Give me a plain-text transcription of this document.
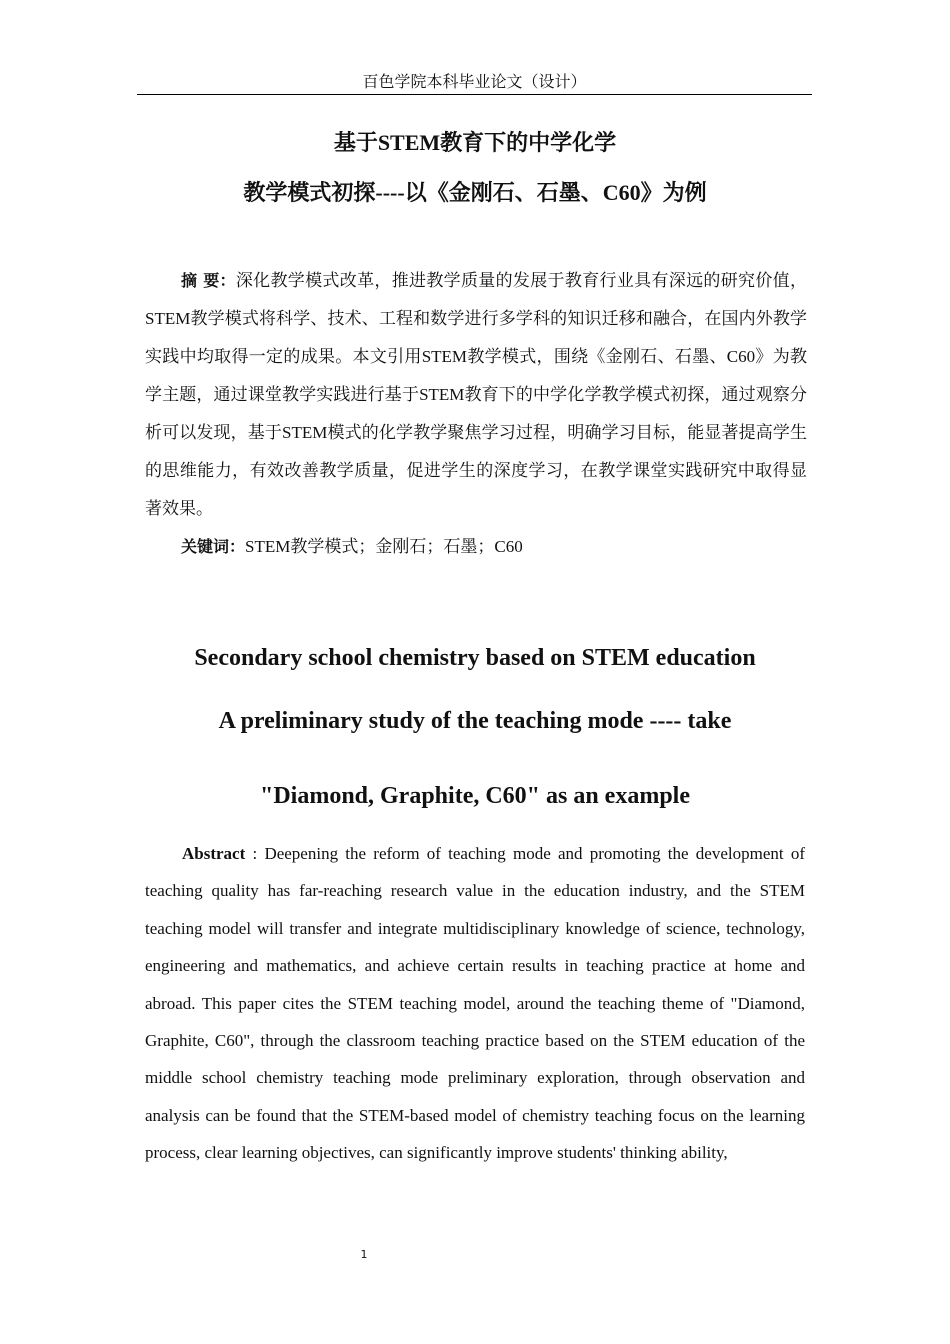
百色学院本科毕业论文（设计）
基于STEM教育下的中学化学
教学模式初探----以《金刚石、石墨、C60》为例

摘 要：深化教学模式改革，推进教学质量的发展于教育行业具有深远的研究价值，STEM教学模式将科学、技术、工程和数学进行多学科的知识迁移和融合，在国内外教学实践中均取得一定的成果。本文引用STEM教学模式，围绕《金刚石、石墨、C60》为教学主题，通过课堂教学实践进行基于STEM教育下的中学化学教学模式初探，通过观察分析可以发现，基于STEM模式的化学教学聚焦学习过程，明确学习目标，能显著提高学生的思维能力，有效改善教学质量，促进学生的深度学习，在教学课堂实践研究中取得显著效果。

关键词：STEM教学模式；金刚石；石墨；C60

Secondary school chemistry based on STEM education
A preliminary study of the teaching mode ---- take
"Diamond, Graphite, C60" as an example

Abstract : Deepening the reform of teaching mode and promoting the development of teaching quality has far-reaching research value in the education industry, and the STEM teaching model will transfer and integrate multidisciplinary knowledge of science, technology, engineering and mathematics, and achieve certain results in teaching practice at home and abroad. This paper cites the STEM teaching model, around the teaching theme of "Diamond, Graphite, C60", through the classroom teaching practice based on the STEM education of the middle school chemistry teaching mode preliminary exploration, through observation and analysis can be found that the STEM-based model of chemistry teaching focus on the learning process, clear learning objectives, can significantly improve students' thinking ability,

1
